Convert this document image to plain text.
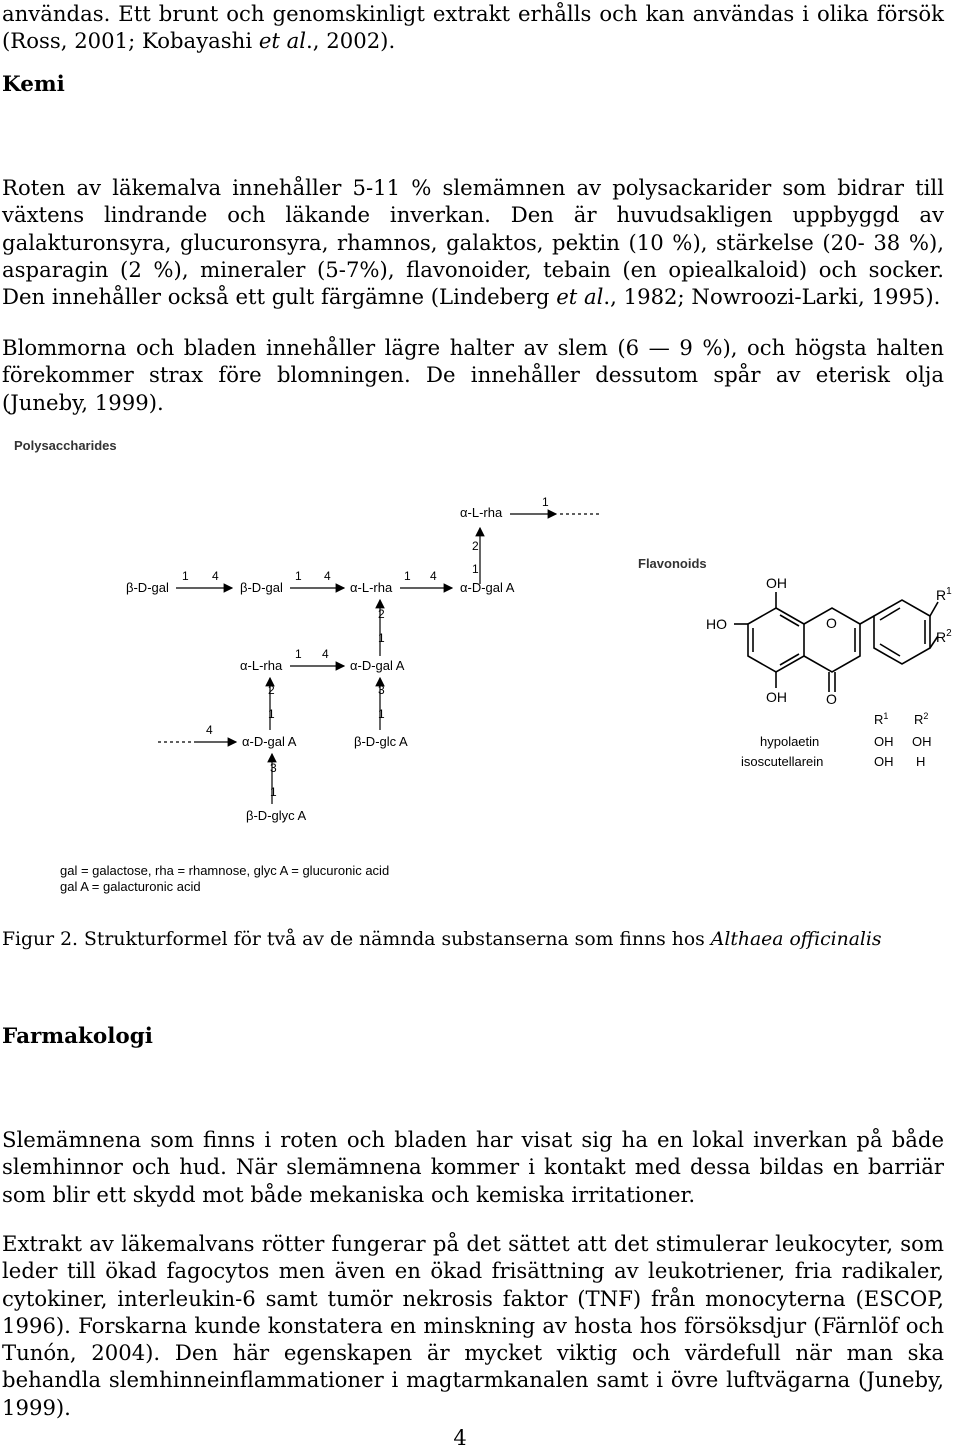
användas. Ett brunt och genomskinligt extrakt erhålls och kan användas i olika försök (Ross, 2001; Kobayashi et al., 2002).

Kemi

Roten av läkemalva innehåller 5-11 % slemämnen av polysackarider som bidrar till växtens lindrande och läkande inverkan. Den är huvudsakligen uppbyggd av galakturonsyra, glucuronsyra, rhamnos, galaktos, pektin (10 %), stärkelse (20- 38 %), asparagin (2 %), mineraler (5-7%), flavonoider, tebain (en opiealkaloid) och socker. Den innehåller också ett gult färgämne (Lindeberg et al., 1982; Nowroozi-Larki, 1995).

Blommorna och bladen innehåller lägre halter av slem (6 — 9 %), och högsta halten förekommer strax före blomningen. De innehåller dessutom spår av eterisk olja (Juneby, 1999).

Polysaccharides
α-L-rha
1
2
1
β-D-gal
1 4
β-D-gal
1 4
α-L-rha
1 4
α-D-gal A
2
1
α-L-rha
1 4
α-D-gal A
2
1
3
1
4
α-D-gal A	β-D-glc A
3
1
β-D-glyc A
gal = galactose, rha = rhamnose, glyc A = glucuronic acid
gal A = galacturonic acid
Flavonoids
O
OH
HO
OH	O
$R^1$
$R^2$
$R^1$ $R^2$
hypolaetin	OH OH
isoscutellarein	OH H

Figur 2. Strukturformel för två av de nämnda substanserna som finns hos Althaea officinalis

Farmakologi

Slemämnena som finns i roten och bladen har visat sig ha en lokal inverkan på både slemhinnor och hud. När slemämnena kommer i kontakt med dessa bildas en barriär som blir ett skydd mot både mekaniska och kemiska irritationer.

Extrakt av läkemalvans rötter fungerar på det sättet att det stimulerar leukocyter, som leder till ökad fagocytos men även en ökad frisättning av leukotriener, fria radikaler, cytokiner, interleukin-6 samt tumör nekrosis faktor (TNF) från monocyterna (ESCOP, 1996). Forskarna kunde konstatera en minskning av hosta hos försöksdjur (Färnlöf och Tunón, 2004). Den här egenskapen är mycket viktig och värdefull när man ska behandla slemhinneinflammationer i magtarmkanalen samt i övre luftvägarna (Juneby, 1999).

4
